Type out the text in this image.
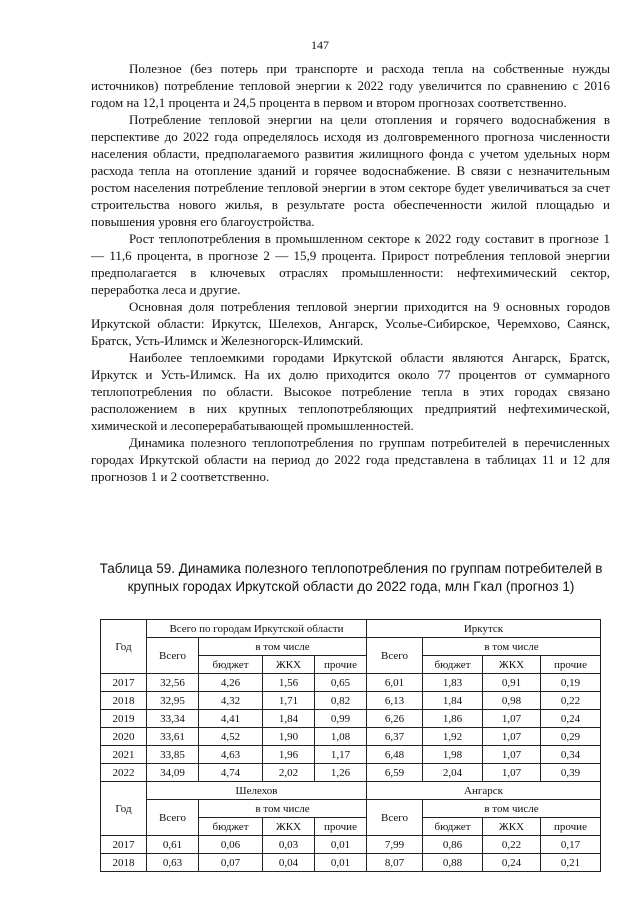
147

Полезное (без потерь при транспорте и расхода тепла на собственные нужды источников) потребление тепловой энергии к 2022 году увеличится по сравнению с 2016 годом на 12,1 процента и 24,5 процента в первом и втором прогнозах соответственно.

Потребление тепловой энергии на цели отопления и горячего водоснабжения в перспективе до 2022 года определялось исходя из долговременного прогноза численности населения области, предполагаемого развития жилищного фонда с учетом удельных норм расхода тепла на отопление зданий и горячее водоснабжение. В связи с незначительным ростом населения потребление тепловой энергии в этом секторе будет увеличиваться за счет строительства нового жилья, в результате роста обеспеченности жилой площадью и повышения уровня его благоустройства.

Рост теплопотребления в промышленном секторе к 2022 году составит в прогнозе 1 — 11,6 процента, в прогнозе 2 — 15,9 процента. Прирост потребления тепловой энергии предполагается в ключевых отраслях промышленности: нефтехимический сектор, переработка леса и другие.

Основная доля потребления тепловой энергии приходится на 9 основных городов Иркутской области: Иркутск, Шелехов, Ангарск, Усолье-Сибирское, Черемхово, Саянск, Братск, Усть-Илимск и Железногорск-Илимский.

Наиболее теплоемкими городами Иркутской области являются Ангарск, Братск, Иркутск и Усть-Илимск. На их долю приходится около 77 процентов от суммарного теплопотребления по области. Высокое потребление тепла в этих городах связано расположением в них крупных теплопотребляющих предприятий нефтехимической, химической и лесоперерабатывающей промышленностей.

Динамика полезного теплопотребления по группам потребителей в перечисленных городах Иркутской области на период до 2022 года представлена в таблицах 11 и 12 для прогнозов 1 и 2 соответственно.

Таблица 59. Динамика полезного теплопотребления по группам потребителей в крупных городах Иркутской области до 2022 года, млн Гкал (прогноз 1)
Год	Всего по городам Иркутской области				Иркутск			
	Всего	в том числе			Всего	в том числе		
		бюджет	ЖКХ	прочие		бюджет	ЖКХ	прочие
2017	32,56	4,26	1,56	0,65	6,01	1,83	0,91	0,19
2018	32,95	4,32	1,71	0,82	6,13	1,84	0,98	0,22
2019	33,34	4,41	1,84	0,99	6,26	1,86	1,07	0,24
2020	33,61	4,52	1,90	1,08	6,37	1,92	1,07	0,29
2021	33,85	4,63	1,96	1,17	6,48	1,98	1,07	0,34
2022	34,09	4,74	2,02	1,26	6,59	2,04	1,07	0,39
Год	Шелехов				Ангарск			
	Всего	в том числе			Всего	в том числе		
		бюджет	ЖКХ	прочие		бюджет	ЖКХ	прочие
2017	0,61	0,06	0,03	0,01	7,99	0,86	0,22	0,17
2018	0,63	0,07	0,04	0,01	8,07	0,88	0,24	0,21
